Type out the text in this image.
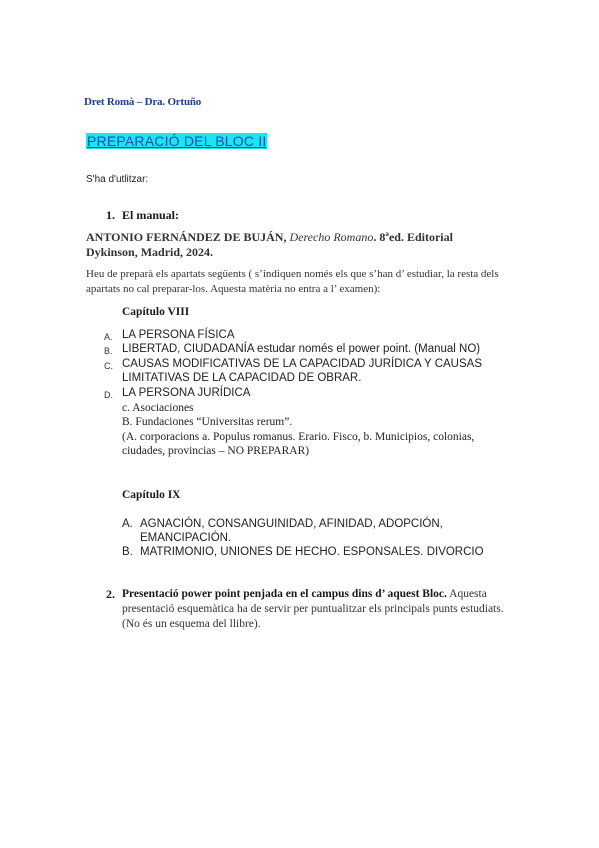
Dret Romà – Dra. Ortuño
PREPARACIÓ DEL BLOC II
S'ha d'utlitzar:
1. El manual:
ANTONIO FERNÁNDEZ DE BUJÁN, Derecho Romano. 8ªed. Editorial Dykinson, Madrid, 2024.
Heu de preparà els apartats següents ( s’indiquen només els que s’han d’ estudiar, la resta dels apartats no cal preparar-los. Aquesta matèria no entra a l’ examen):
Capítulo VIII
A. LA PERSONA FÍSICA
B. LIBERTAD, CIUDADANÍA estudar només el power point. (Manual NO)
C. CAUSAS MODIFICATIVAS DE LA CAPACIDAD JURÍDICA Y CAUSAS
LIMITATIVAS DE LA CAPACIDAD DE OBRAR.
D. LA PERSONA JURÍDICA
c. Asociaciones
B. Fundaciones “Universitas rerum”.
(A. corporacions a. Populus romanus. Erario. Fisco, b. Municipios, colonias,
ciudades, provincias – NO PREPARAR)
Capítulo IX
A. AGNACIÓN, CONSANGUINIDAD, AFINIDAD, ADOPCIÓN,
EMANCIPACIÓN.
B. MATRIMONIO, UNIONES DE HECHO. ESPONSALES. DIVORCIO
2. Presentació power point penjada en el campus dins d’ aquest Bloc. Aquesta presentació esquemàtica ha de servir per puntualitzar els principals punts estudiats. (No és un esquema del llibre).
